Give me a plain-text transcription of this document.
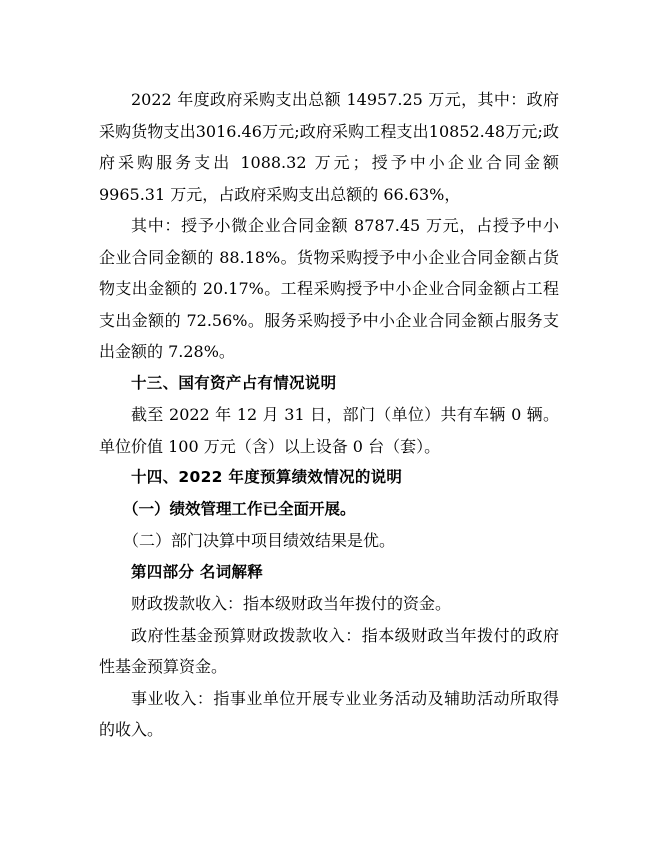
2022 年度政府采购支出总额 14957.25 万元，其中：政府采购货物支出3016.46万元;政府采购工程支出10852.48万元;政府采购服务支出 1088.32 万元；授予中小企业合同金额9965.31 万元，占政府采购支出总额的 66.63%，

其中：授予小微企业合同金额 8787.45 万元，占授予中小企业合同金额的 88.18%。货物采购授予中小企业合同金额占货物支出金额的 20.17%。工程采购授予中小企业合同金额占工程支出金额的 72.56%。服务采购授予中小企业合同金额占服务支出金额的 7.28%。

十三、国有资产占有情况说明

截至 2022 年 12 月 31 日，部门（单位）共有车辆 0 辆。单位价值 100 万元（含）以上设备 0 台（套）。

十四、2022 年度预算绩效情况的说明

（一）绩效管理工作已全面开展。

（二）部门决算中项目绩效结果是优。

第四部分 名词解释

财政拨款收入：指本级财政当年拨付的资金。

政府性基金预算财政拨款收入：指本级财政当年拨付的政府性基金预算资金。

事业收入：指事业单位开展专业业务活动及辅助活动所取得的收入。
